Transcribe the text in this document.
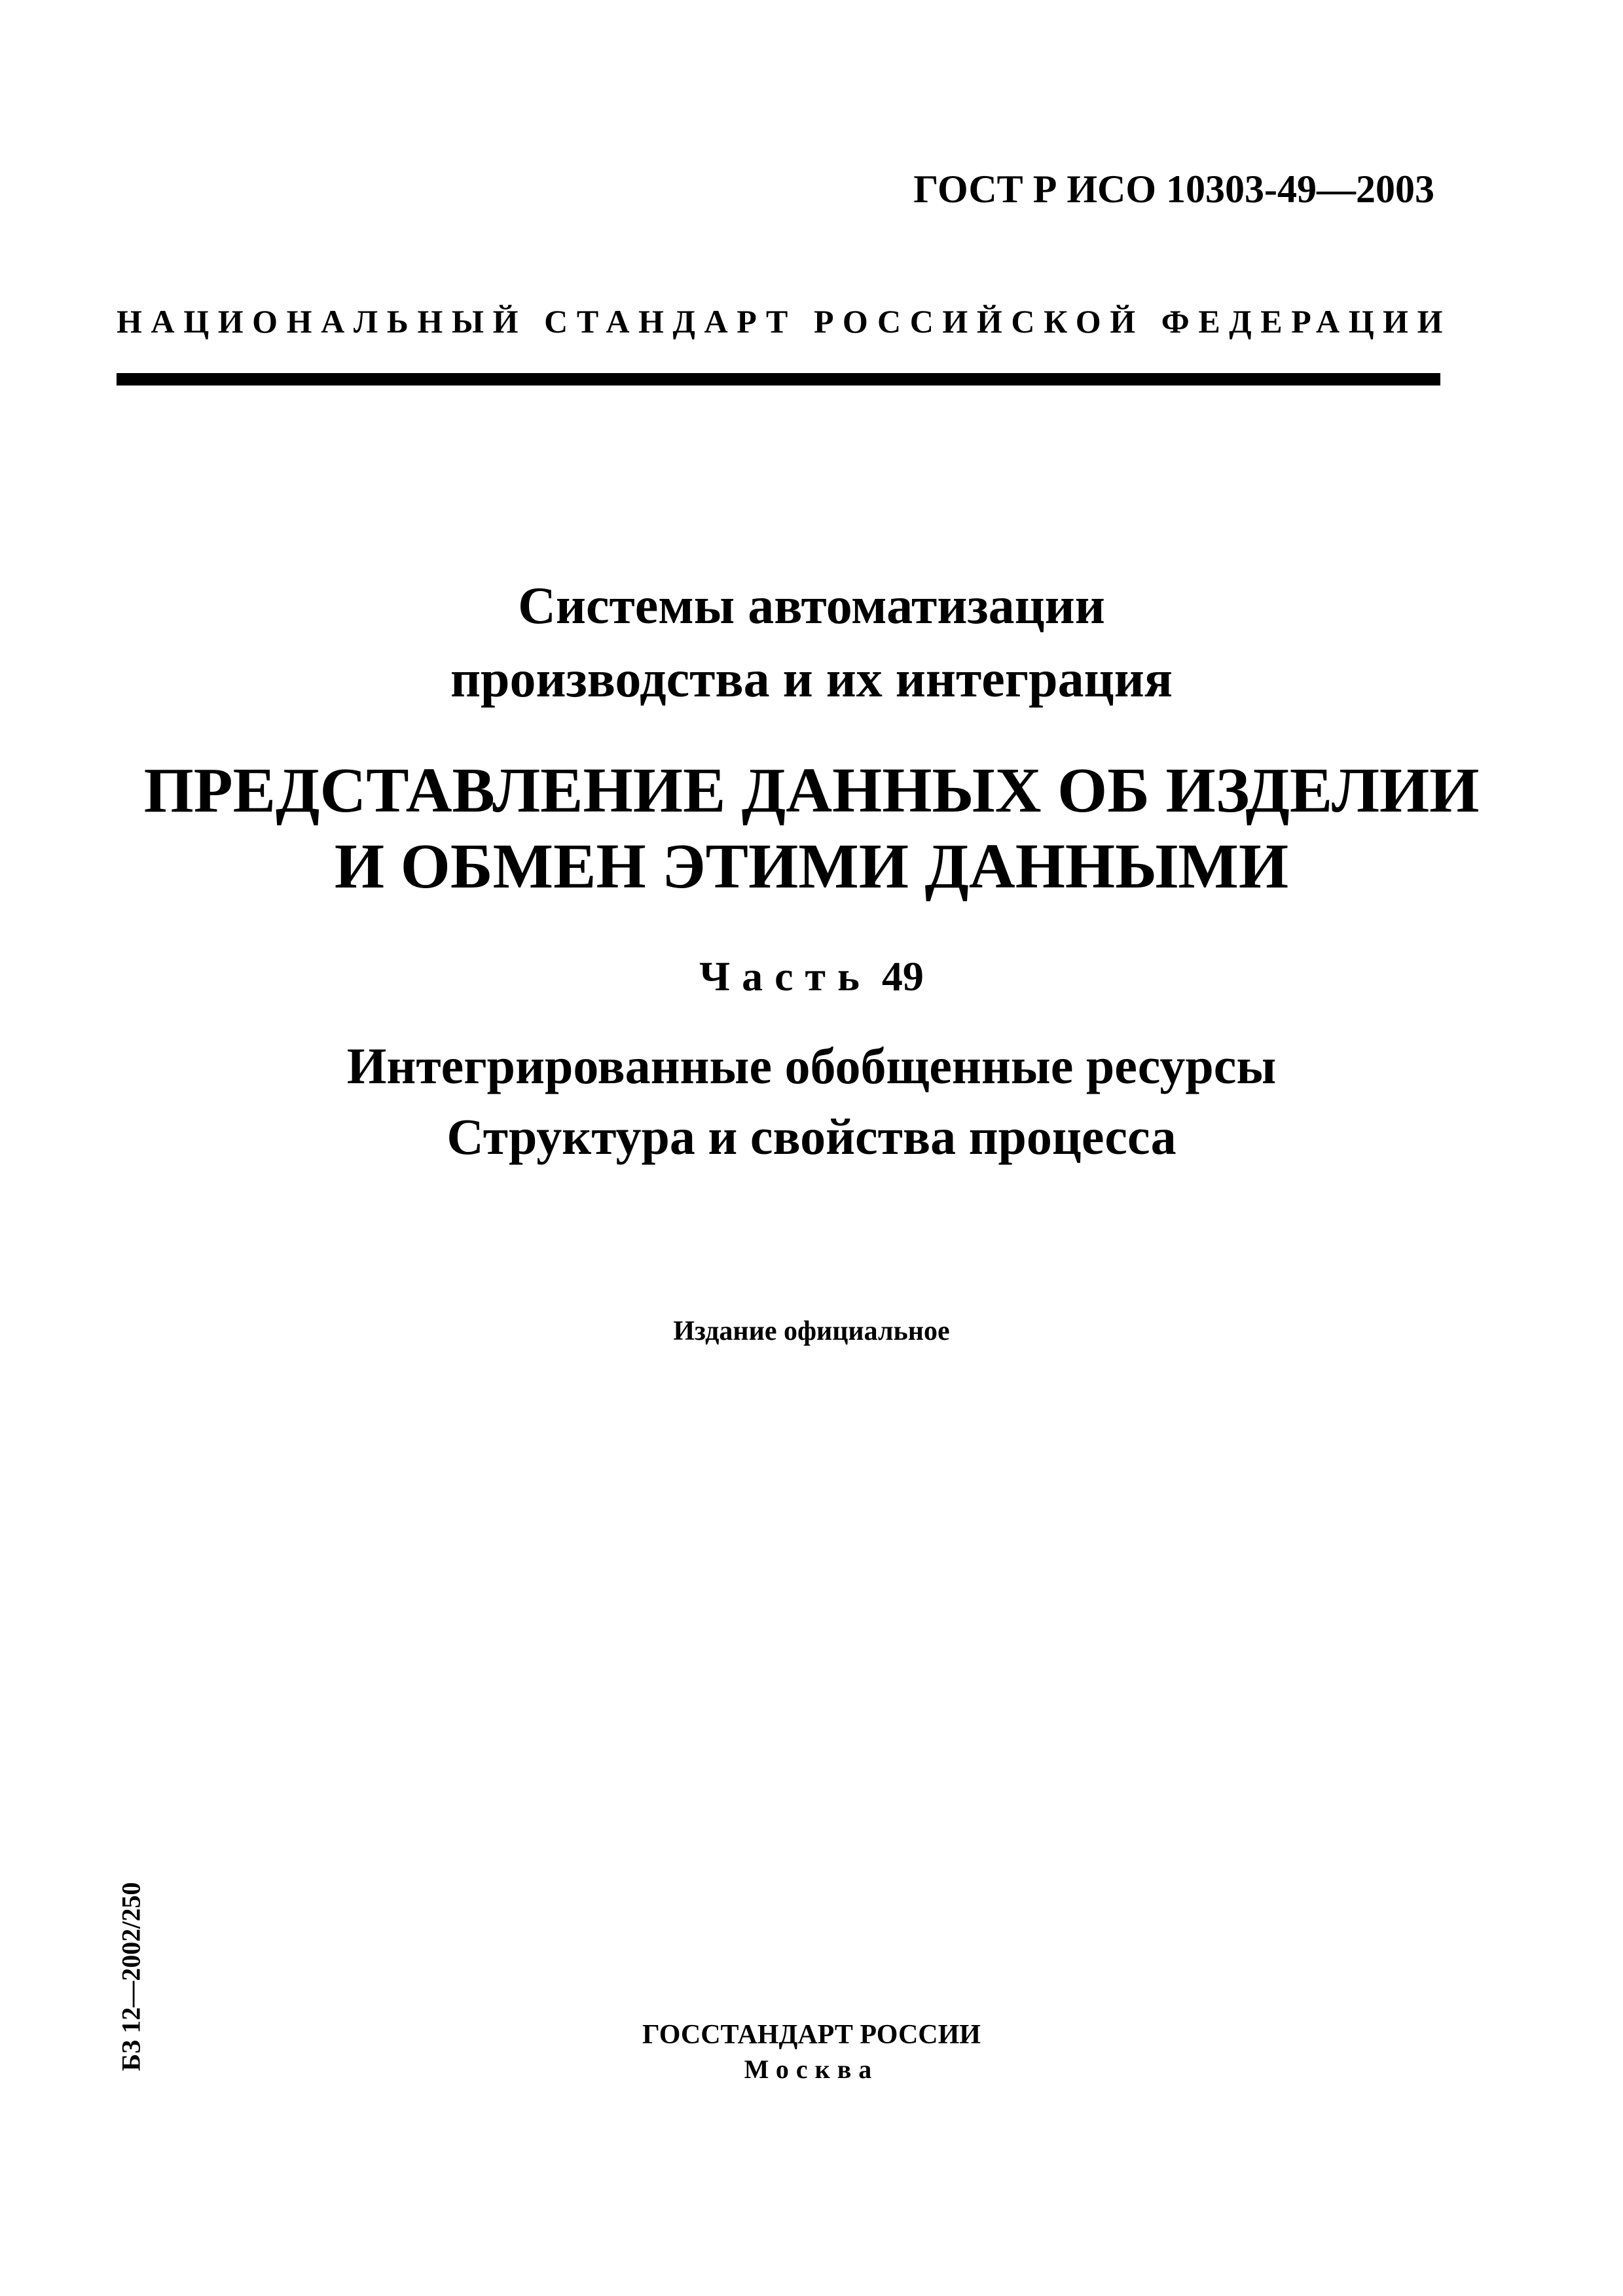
ГОСТ Р ИСО 10303-49—2003
НАЦИОНАЛЬНЫЙ СТАНДАРТ РОССИЙСКОЙ ФЕДЕРАЦИИ
Системы автоматизации
производства и их интеграция
ПРЕДСТАВЛЕНИЕ ДАННЫХ ОБ ИЗДЕЛИИ
И ОБМЕН ЭТИМИ ДАННЫМИ
Часть 49
Интегрированные обобщенные ресурсы
Структура и свойства процесса
Издание официальное
БЗ 12—2002/250	ГОССТАНДАРТ РОССИИ
Москва
